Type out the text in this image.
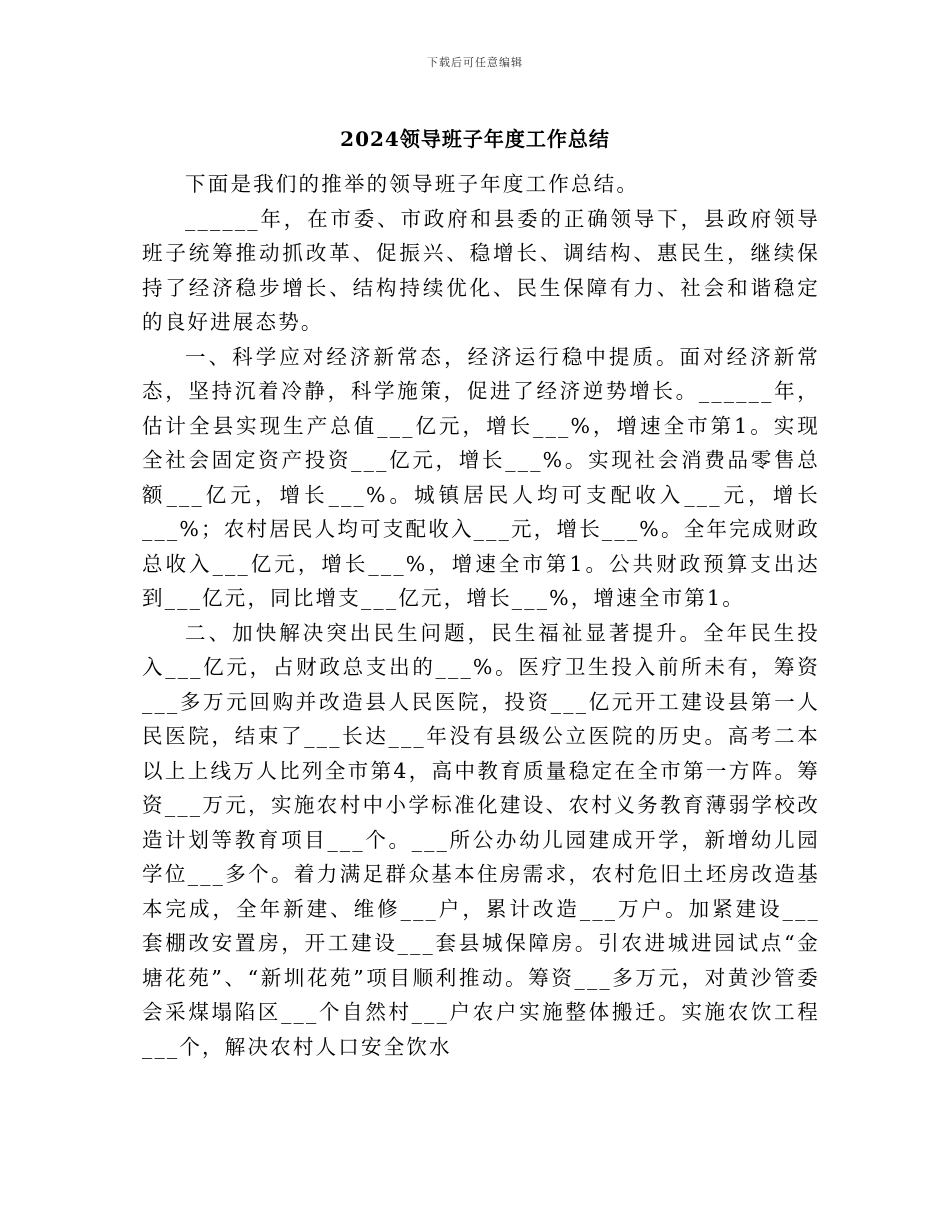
下载后可任意编辑
2024领导班子年度工作总结

下面是我们的推举的领导班子年度工作总结。

______年，在市委、市政府和县委的正确领导下，县政府领导班子统筹推动抓改革、促振兴、稳增长、调结构、惠民生，继续保持了经济稳步增长、结构持续优化、民生保障有力、社会和谐稳定的良好进展态势。

一、科学应对经济新常态，经济运行稳中提质。面对经济新常态，坚持沉着冷静，科学施策，促进了经济逆势增长。______年，估计全县实现生产总值___亿元，增长___%，增速全市第1。实现全社会固定资产投资___亿元，增长___%。实现社会消费品零售总额___亿元，增长___%。城镇居民人均可支配收入___元，增长___%；农村居民人均可支配收入___元，增长___%。全年完成财政总收入___亿元，增长___%，增速全市第1。公共财政预算支出达到___亿元，同比增支___亿元，增长___%，增速全市第1。

二、加快解决突出民生问题，民生福祉显著提升。全年民生投入___亿元，占财政总支出的___%。医疗卫生投入前所未有，筹资___多万元回购并改造县人民医院，投资___亿元开工建设县第一人民医院，结束了___长达___年没有县级公立医院的历史。高考二本以上上线万人比列全市第4，高中教育质量稳定在全市第一方阵。筹资___万元，实施农村中小学标准化建设、农村义务教育薄弱学校改造计划等教育项目___个。___所公办幼儿园建成开学，新增幼儿园学位___多个。着力满足群众基本住房需求，农村危旧土坯房改造基本完成，全年新建、维修___户，累计改造___万户。加紧建设___套棚改安置房，开工建设___套县城保障房。引农进城进园试点“金塘花苑”、“新圳花苑”项目顺利推动。筹资___多万元，对黄沙管委会采煤塌陷区___个自然村___户农户实施整体搬迁。实施农饮工程___个，解决农村人口安全饮水
